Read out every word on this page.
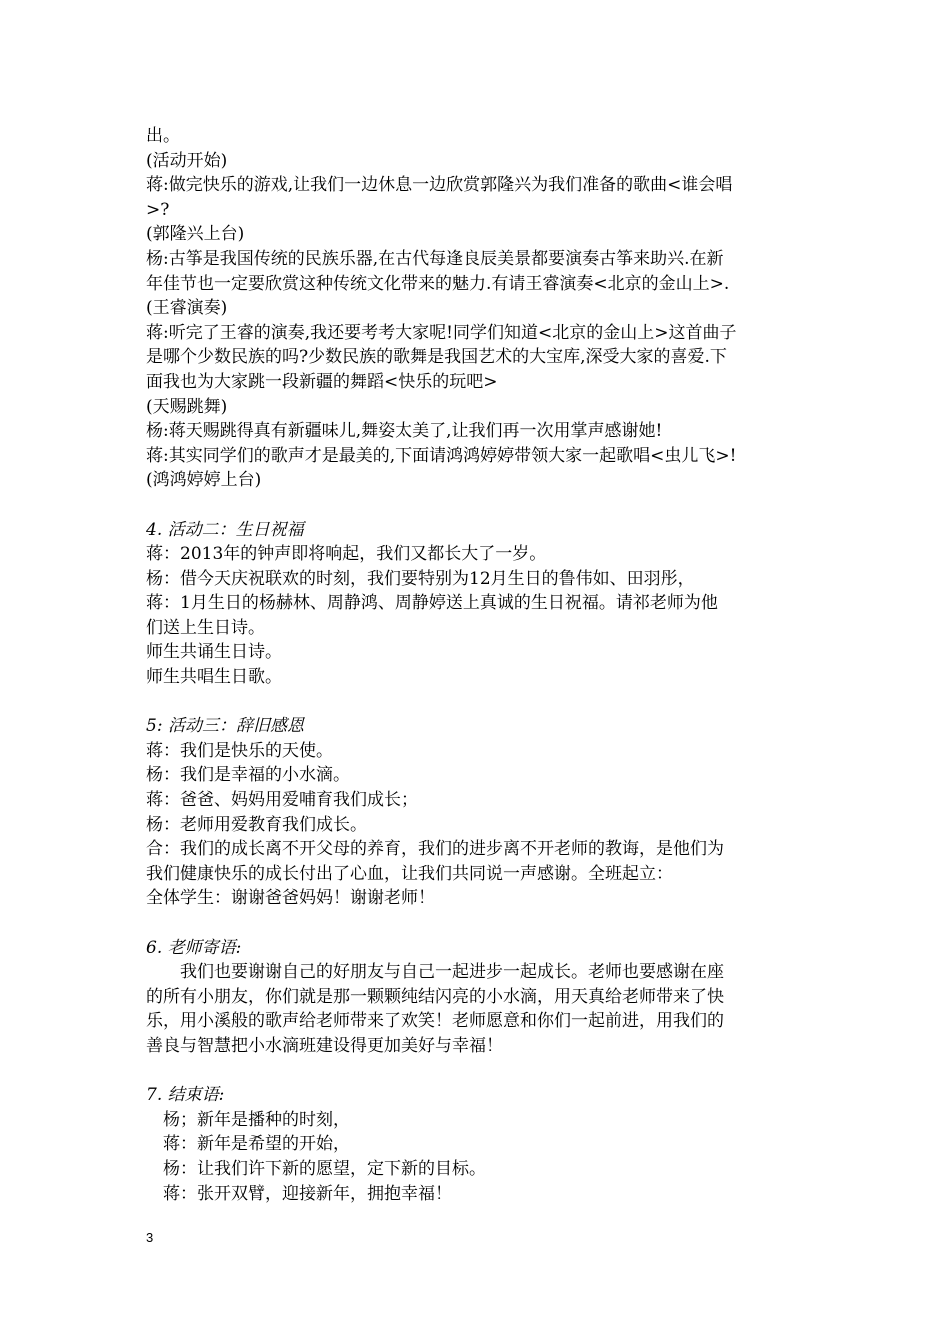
出。
(活动开始)
蒋:做完快乐的游戏,让我们一边休息一边欣赏郭隆兴为我们准备的歌曲<谁会唱
>?
(郭隆兴上台)
杨:古筝是我国传统的民族乐器,在古代每逢良辰美景都要演奏古筝来助兴.在新
年佳节也一定要欣赏这种传统文化带来的魅力.有请王睿演奏<北京的金山上>.
(王睿演奏)
蒋:听完了王睿的演奏,我还要考考大家呢!同学们知道<北京的金山上>这首曲子
是哪个少数民族的吗?少数民族的歌舞是我国艺术的大宝库,深受大家的喜爱.下
面我也为大家跳一段新疆的舞蹈<快乐的玩吧>
(天赐跳舞)
杨:蒋天赐跳得真有新疆味儿,舞姿太美了,让我们再一次用掌声感谢她!
蒋:其实同学们的歌声才是最美的,下面请鸿鸿婷婷带领大家一起歌唱<虫儿飞>!
(鸿鸿婷婷上台)
4. 活动二：生日祝福
蒋：2013年的钟声即将响起，我们又都长大了一岁。
杨：借今天庆祝联欢的时刻，我们要特别为12月生日的鲁伟如、田羽彤，
蒋：1月生日的杨赫林、周静鸿、周静婷送上真诚的生日祝福。请祁老师为他
们送上生日诗。
师生共诵生日诗。
师生共唱生日歌。
5: 活动三：辞旧感恩
蒋：我们是快乐的天使。
杨：我们是幸福的小水滴。
蒋：爸爸、妈妈用爱哺育我们成长；
杨：老师用爱教育我们成长。
合：我们的成长离不开父母的养育，我们的进步离不开老师的教诲，是他们为
我们健康快乐的成长付出了心血，让我们共同说一声感谢。全班起立：
全体学生：谢谢爸爸妈妈！谢谢老师！
6. 老师寄语:
我们也要谢谢自己的好朋友与自己一起进步一起成长。老师也要感谢在座
的所有小朋友，你们就是那一颗颗纯结闪亮的小水滴，用天真给老师带来了快
乐，用小溪般的歌声给老师带来了欢笑！老师愿意和你们一起前进，用我们的
善良与智慧把小水滴班建设得更加美好与幸福！
7. 结束语:
杨；新年是播种的时刻，
蒋：新年是希望的开始，
杨：让我们许下新的愿望，定下新的目标。
蒋：张开双臂，迎接新年，拥抱幸福！
3
